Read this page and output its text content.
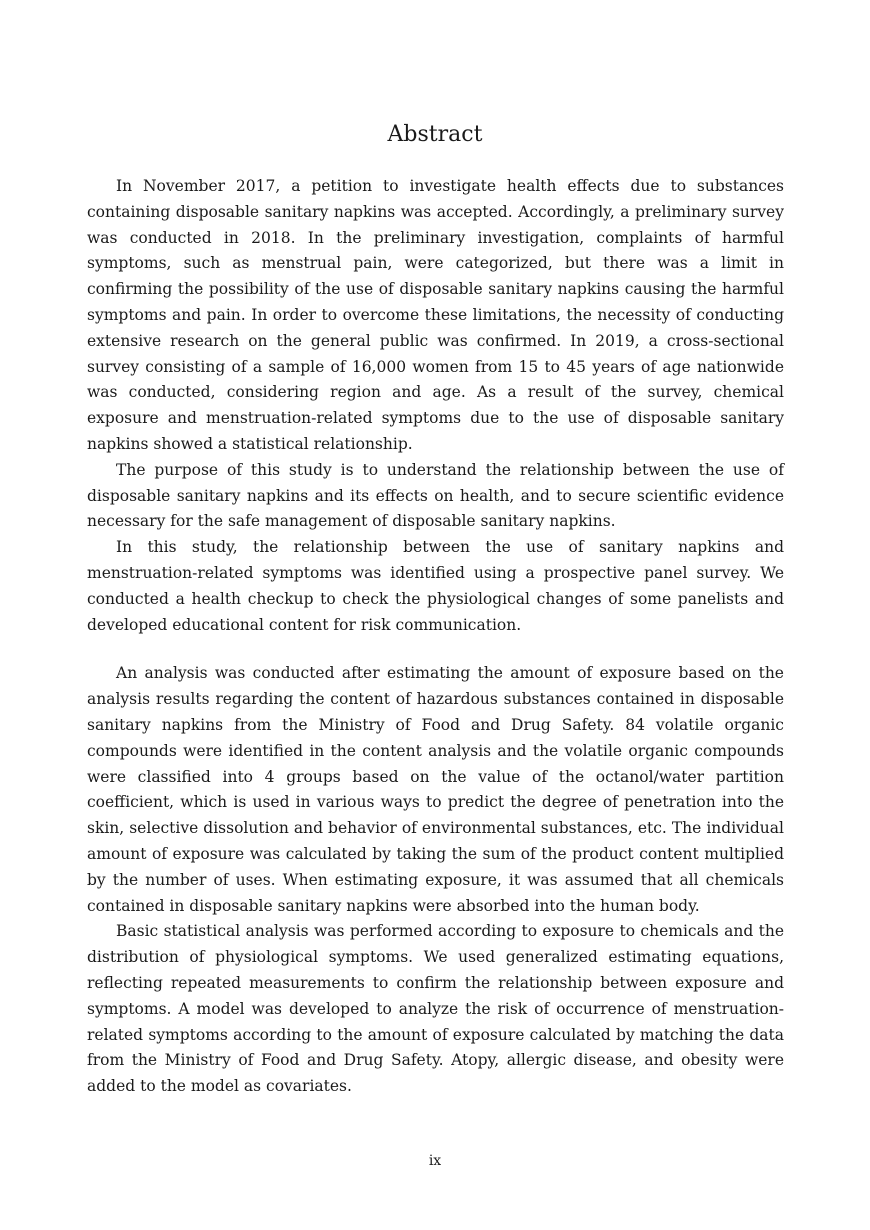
Abstract

In November 2017, a petition to investigate health effects due to substances containing disposable sanitary napkins was accepted. Accordingly, a preliminary survey was conducted in 2018. In the preliminary investigation, complaints of harmful symptoms, such as menstrual pain, were categorized, but there was a limit in confirming the possibility of the use of disposable sanitary napkins causing the harmful symptoms and pain. In order to overcome these limitations, the necessity of conducting extensive research on the general public was confirmed. In 2019, a cross-sectional survey consisting of a sample of 16,000 women from 15 to 45 years of age nationwide was conducted, considering region and age. As a result of the survey, chemical exposure and menstruation-related symptoms due to the use of disposable sanitary napkins showed a statistical relationship.

The purpose of this study is to understand the relationship between the use of disposable sanitary napkins and its effects on health, and to secure scientific evidence necessary for the safe management of disposable sanitary napkins.

In this study, the relationship between the use of sanitary napkins and menstruation-related symptoms was identified using a prospective panel survey. We conducted a health checkup to check the physiological changes of some panelists and developed educational content for risk communication.

An analysis was conducted after estimating the amount of exposure based on the analysis results regarding the content of hazardous substances contained in disposable sanitary napkins from the Ministry of Food and Drug Safety. 84 volatile organic compounds were identified in the content analysis and the volatile organic compounds were classified into 4 groups based on the value of the octanol/water partition coefficient, which is used in various ways to predict the degree of penetration into the skin, selective dissolution and behavior of environmental substances, etc. The individual amount of exposure was calculated by taking the sum of the product content multiplied by the number of uses. When estimating exposure, it was assumed that all chemicals contained in disposable sanitary napkins were absorbed into the human body.

Basic statistical analysis was performed according to exposure to chemicals and the distribution of physiological symptoms. We used generalized estimating equations, reflecting repeated measurements to confirm the relationship between exposure and symptoms. A model was developed to analyze the risk of occurrence of menstruation-related symptoms according to the amount of exposure calculated by matching the data from the Ministry of Food and Drug Safety. Atopy, allergic disease, and obesity were added to the model as covariates.

ix
